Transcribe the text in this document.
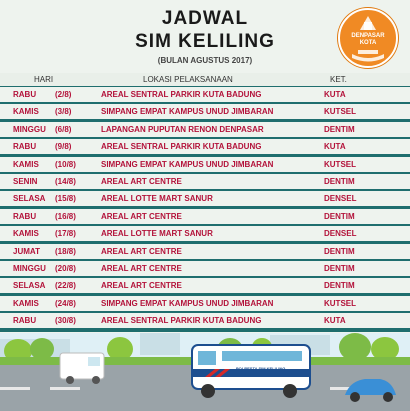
JADWAL
SIM KELILING
(BULAN AGUSTUS 2017)
DENPASAR
KOTA
HARI	LOKASI PELAKSANAAN	KET.
RABU (2/8)	AREAL SENTRAL PARKIR KUTA BADUNG	KUTA
KAMIS (3/8)	SIMPANG EMPAT KAMPUS UNUD JIMBARAN	KUTSEL
MINGGU (6/8)	LAPANGAN PUPUTAN RENON DENPASAR	DENTIM
RABU (9/8)	AREAL SENTRAL PARKIR KUTA BADUNG	KUTA
KAMIS (10/8)	SIMPANG EMPAT KAMPUS UNUD JIMBARAN	KUTSEL
SENIN (14/8)	AREAL ART CENTRE	DENTIM
SELASA (15/8)	AREAL LOTTE MART SANUR	DENSEL
RABU (16/8)	AREAL ART CENTRE	DENTIM
KAMIS (17/8)	AREAL LOTTE MART SANUR	DENSEL
JUMAT (18/8)	AREAL ART CENTRE	DENTIM
MINGGU (20/8)	AREAL ART CENTRE	DENTIM
SELASA (22/8)	AREAL ART CENTRE	DENTIM
KAMIS (24/8)	SIMPANG EMPAT KAMPUS UNUD JIMBARAN	KUTSEL
RABU (30/8)	AREAL SENTRAL PARKIR KUTA BADUNG	KUTA
POLRESTA SIM KELILING
